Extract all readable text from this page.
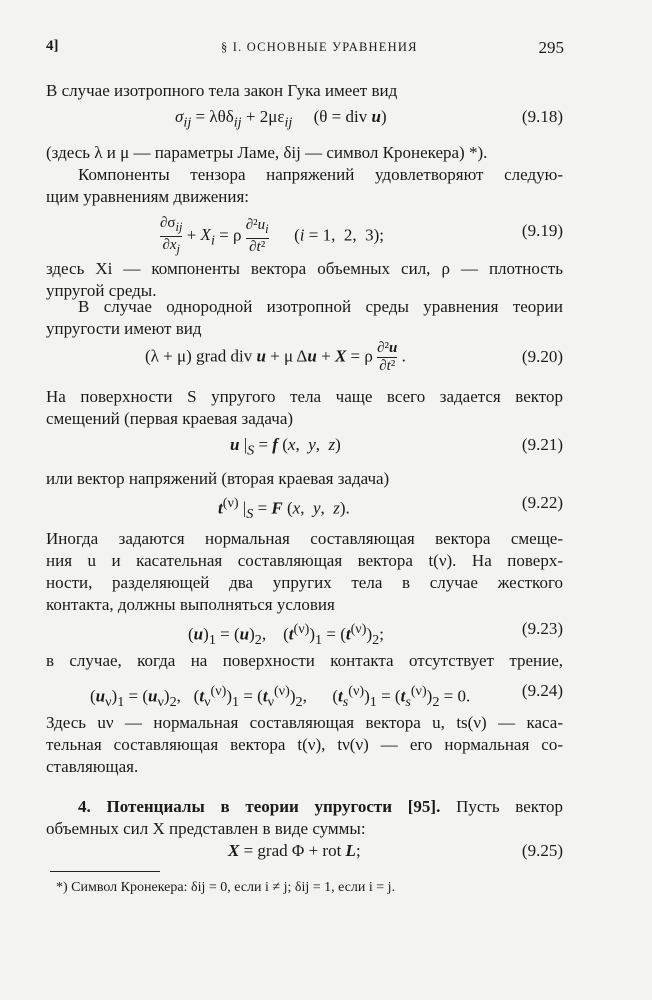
4]	§ I. ОСНОВНЫЕ УРАВНЕНИЯ	295
В случае изотропного тела закон Гука имеет вид
$\sigma_{ij} = \lambda\theta\delta_{ij} + 2\mu\varepsilon_{ij}$     (θ = div u)	(9.18)
(здесь λ и μ — параметры Ламе, δij — символ Кронекера) *).
Компоненты тензора напряжений удовлетворяют следую-
щим уравнениям движения:
$\partial\sigma_{ij}$
$\partial x_j$
+ $X_i = \rho \frac{\partial^2u_i}{\text{∂t²}} (i = 1$,  2,  3);	(9.19)
здесь Xi — компоненты вектора объемных сил, ρ — плотность
упругой среды.
В случае однородной изотропной среды уравнения теории
упругости имеют вид
(λ + μ) grad div u + μ Δu + X = ρ $\frac{\text{∂²u}}{\text{∂t²}}$ .	(9.20)
На поверхности S упругого тела чаще всего задается вектор
смещений (первая краевая задача)
u $|_S = f$ (x,  y,  z)	(9.21)
или вектор напряжений (вторая краевая задача)
$t^{(\nu)}$ $|_S = F$ (x,  y,  z).	(9.22)
Иногда задаются нормальная составляющая вектора смеще-
ния u и касательная составляющая вектора t(ν). На поверх-
ности, разделяющей два упругих тела в случае жесткого
контакта, должны выполняться условия
$(u)_1 = (u)_2$,    $(t^{(\nu)})_1 = (t^{(\nu)})_2$;	(9.23)
в случае, когда на поверхности контакта отсутствует трение,
$(u_\nu)_1 = (u_\nu)_2$,   $(t_\nu^{(\nu)})_1 = (t_\nu^{(\nu)})_2$,      $(t_s^{(\nu)})_1 = (t_s^{(\nu)})_2 = 0$.	(9.24)
Здесь uν — нормальная составляющая вектора u, ts(ν) — каса-
тельная составляющая вектора t(ν), tν(ν) — его нормальная со-
ставляющая.
4. Потенциалы в теории упругости [95]. Пусть вектор
объемных сил X представлен в виде суммы:
X = grad Φ + rot L;	(9.25)
*) Символ Кронекера: δij = 0, если i ≠ j; δij = 1, если i = j.
